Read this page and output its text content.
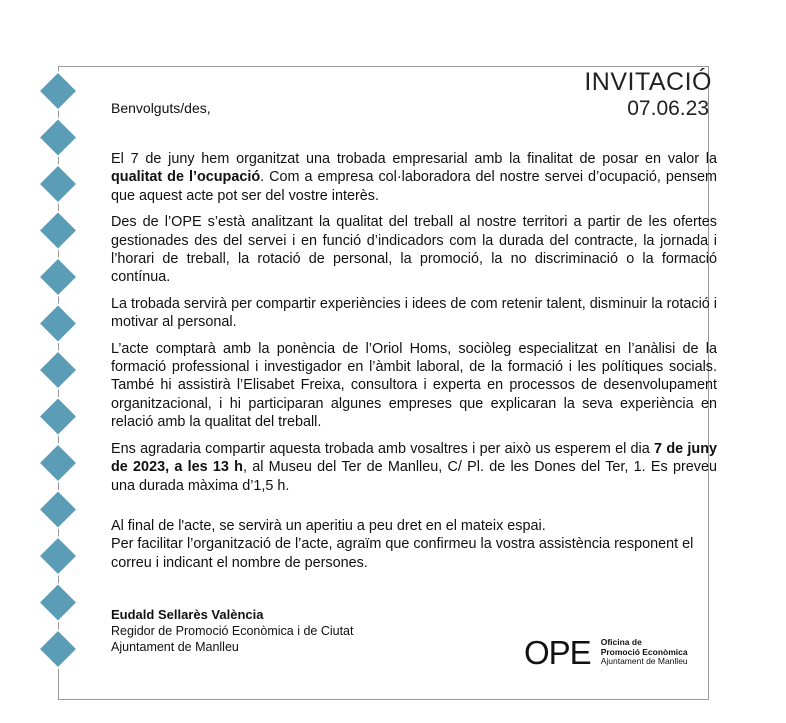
INVITACIÓ
07.06.23
Benvolguts/des,

El 7 de juny hem organitzat una trobada empresarial amb la finalitat de posar en valor la qualitat de l’ocupació. Com a empresa col·laboradora del nostre servei d’ocupació, pensem que aquest acte pot ser del vostre interès.

Des de l’OPE s’està analitzant la qualitat del treball al nostre territori a partir de les ofertes gestionades des del servei i en funció d’indicadors com la durada del contracte, la jornada i l’horari de treball, la rotació de personal, la promoció, la no discriminació o la formació contínua.

La trobada servirà per compartir experiències i idees de com retenir talent, disminuir la rotació i motivar al personal.

L’acte comptarà amb la ponència de l’Oriol Homs, sociòleg especialitzat en l’anàlisi de la formació professional i investigador en l’àmbit laboral, de la formació i les polítiques socials. També hi assistirà l’Elisabet Freixa, consultora i experta en processos de desenvolupament organitzacional, i hi participaran algunes empreses que explicaran la seva experiència en relació amb la qualitat del treball.

Ens agradaria compartir aquesta trobada amb vosaltres i per això us esperem el dia 7 de juny de 2023, a les 13 h, al Museu del Ter de Manlleu, C/ Pl. de les Dones del Ter, 1. Es preveu una durada màxima d’1,5 h.

Al final de l'acte, se servirà un aperitiu a peu dret en el mateix espai.
Per facilitar l’organització de l’acte, agraïm que confirmeu la vostra assistència responent el correu i indicant el nombre de persones.

Eudald Sellarès València
Regidor de Promoció Econòmica i de Ciutat
Ajuntament de Manlleu	OPE Oficina de
Promoció Econòmica
Ajuntament de Manlleu
